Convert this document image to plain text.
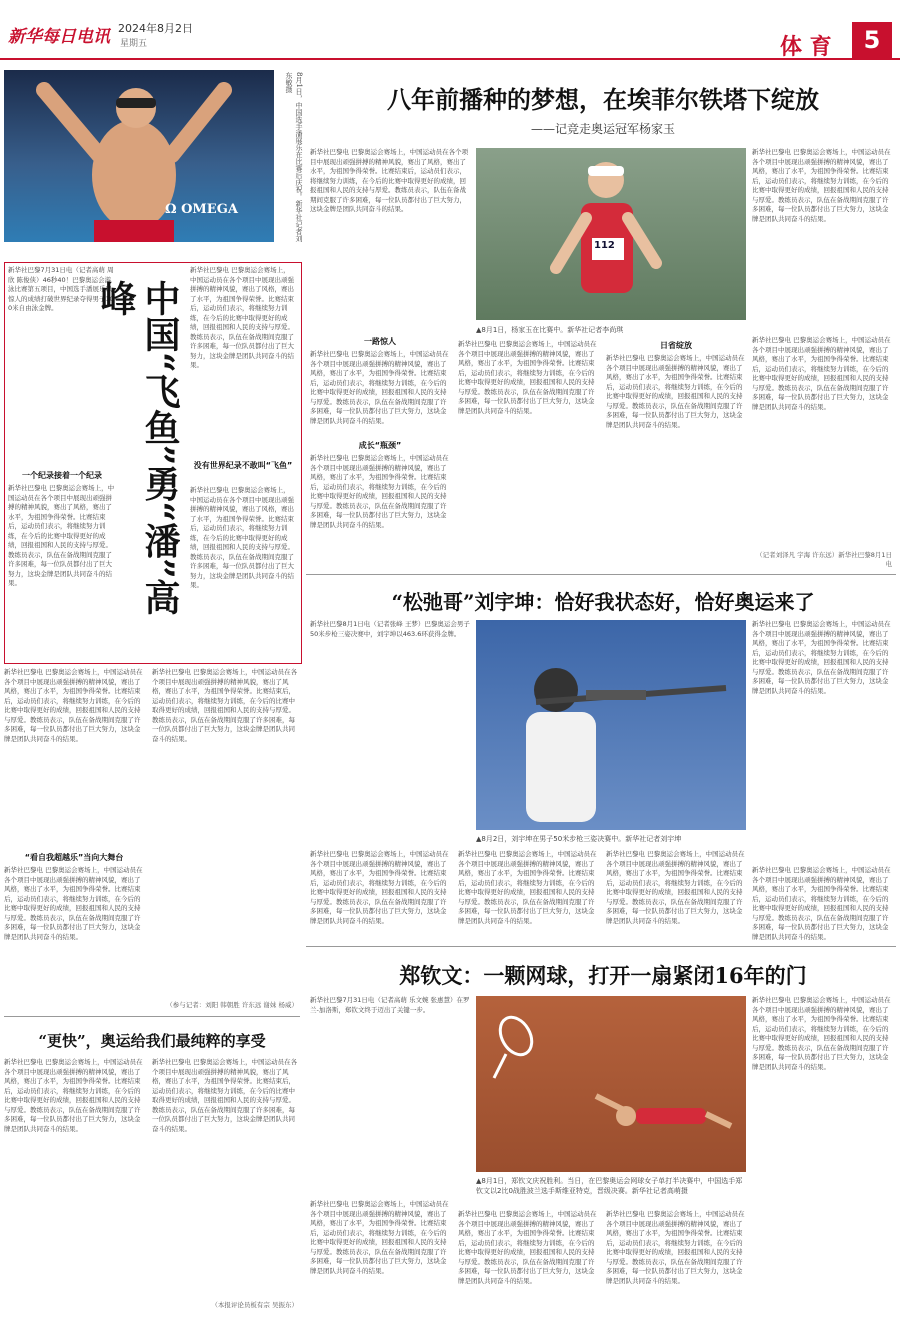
新华每日电讯 2024年8月2日
星期五	体 育	5
Ω OMEGA	8月1日，中国选手潘展乐在比赛后庆祝。新华社记者刘东敏摄
新华社巴黎7月31日电（记者高萌 周欣 陈俊侠）46秒40！巴黎奥运会游泳比赛第五项目，中国选手潘展乐以惊人的成绩打破世界纪录夺得男子100米自由泳金牌。	中国“飞鱼”勇“潘”高峰
新华社巴黎电 巴黎奥运会赛场上，中国运动员在各个项目中展现出顽强拼搏的精神风貌，赛出了风格，赛出了水平，为祖国争得荣誉。比赛结束后，运动员们表示，将继续努力训练，在今后的比赛中取得更好的成绩，回报祖国和人民的支持与厚爱。教练员表示，队伍在备战期间克服了许多困难，每一位队员都付出了巨大努力，这块金牌是团队共同奋斗的结果。
一个纪录接着一个纪录
新华社巴黎电 巴黎奥运会赛场上，中国运动员在各个项目中展现出顽强拼搏的精神风貌，赛出了风格，赛出了水平，为祖国争得荣誉。比赛结束后，运动员们表示，将继续努力训练，在今后的比赛中取得更好的成绩，回报祖国和人民的支持与厚爱。教练员表示，队伍在备战期间克服了许多困难，每一位队员都付出了巨大努力，这块金牌是团队共同奋斗的结果。
没有世界纪录不敢叫“飞鱼”
新华社巴黎电 巴黎奥运会赛场上，中国运动员在各个项目中展现出顽强拼搏的精神风貌，赛出了风格，赛出了水平，为祖国争得荣誉。比赛结束后，运动员们表示，将继续努力训练，在今后的比赛中取得更好的成绩，回报祖国和人民的支持与厚爱。教练员表示，队伍在备战期间克服了许多困难，每一位队员都付出了巨大努力，这块金牌是团队共同奋斗的结果。
新华社巴黎电 巴黎奥运会赛场上，中国运动员在各个项目中展现出顽强拼搏的精神风貌，赛出了风格，赛出了水平，为祖国争得荣誉。比赛结束后，运动员们表示，将继续努力训练，在今后的比赛中取得更好的成绩，回报祖国和人民的支持与厚爱。教练员表示，队伍在备战期间克服了许多困难，每一位队员都付出了巨大努力，这块金牌是团队共同奋斗的结果。
“看自我超越乐”当向大舞台
新华社巴黎电 巴黎奥运会赛场上，中国运动员在各个项目中展现出顽强拼搏的精神风貌，赛出了风格，赛出了水平，为祖国争得荣誉。比赛结束后，运动员们表示，将继续努力训练，在今后的比赛中取得更好的成绩，回报祖国和人民的支持与厚爱。教练员表示，队伍在备战期间克服了许多困难，每一位队员都付出了巨大努力，这块金牌是团队共同奋斗的结果。
新华社巴黎电 巴黎奥运会赛场上，中国运动员在各个项目中展现出顽强拼搏的精神风貌，赛出了风格，赛出了水平，为祖国争得荣誉。比赛结束后，运动员们表示，将继续努力训练，在今后的比赛中取得更好的成绩，回报祖国和人民的支持与厚爱。教练员表示，队伍在备战期间克服了许多困难，每一位队员都付出了巨大努力，这块金牌是团队共同奋斗的结果。
（参与记者：刘阳 韩朝胜 许东远 谢妹 杨威）
八年前播种的梦想，在埃菲尔铁塔下绽放
——记竞走奥运冠军杨家玉
新华社巴黎电 巴黎奥运会赛场上，中国运动员在各个项目中展现出顽强拼搏的精神风貌，赛出了风格，赛出了水平，为祖国争得荣誉。比赛结束后，运动员们表示，将继续努力训练，在今后的比赛中取得更好的成绩，回报祖国和人民的支持与厚爱。教练员表示，队伍在备战期间克服了许多困难，每一位队员都付出了巨大努力，这块金牌是团队共同奋斗的结果。
112
▲8月1日，杨家玉在比赛中。新华社记者李尚琪
新华社巴黎电 巴黎奥运会赛场上，中国运动员在各个项目中展现出顽强拼搏的精神风貌，赛出了风格，赛出了水平，为祖国争得荣誉。比赛结束后，运动员们表示，将继续努力训练，在今后的比赛中取得更好的成绩，回报祖国和人民的支持与厚爱。教练员表示，队伍在备战期间克服了许多困难，每一位队员都付出了巨大努力，这块金牌是团队共同奋斗的结果。
一路惊人
新华社巴黎电 巴黎奥运会赛场上，中国运动员在各个项目中展现出顽强拼搏的精神风貌，赛出了风格，赛出了水平，为祖国争得荣誉。比赛结束后，运动员们表示，将继续努力训练，在今后的比赛中取得更好的成绩，回报祖国和人民的支持与厚爱。教练员表示，队伍在备战期间克服了许多困难，每一位队员都付出了巨大努力，这块金牌是团队共同奋斗的结果。
成长“瓶颈”
新华社巴黎电 巴黎奥运会赛场上，中国运动员在各个项目中展现出顽强拼搏的精神风貌，赛出了风格，赛出了水平，为祖国争得荣誉。比赛结束后，运动员们表示，将继续努力训练，在今后的比赛中取得更好的成绩，回报祖国和人民的支持与厚爱。教练员表示，队伍在备战期间克服了许多困难，每一位队员都付出了巨大努力，这块金牌是团队共同奋斗的结果。
新华社巴黎电 巴黎奥运会赛场上，中国运动员在各个项目中展现出顽强拼搏的精神风貌，赛出了风格，赛出了水平，为祖国争得荣誉。比赛结束后，运动员们表示，将继续努力训练，在今后的比赛中取得更好的成绩，回报祖国和人民的支持与厚爱。教练员表示，队伍在备战期间克服了许多困难，每一位队员都付出了巨大努力，这块金牌是团队共同奋斗的结果。
日省绽放
新华社巴黎电 巴黎奥运会赛场上，中国运动员在各个项目中展现出顽强拼搏的精神风貌，赛出了风格，赛出了水平，为祖国争得荣誉。比赛结束后，运动员们表示，将继续努力训练，在今后的比赛中取得更好的成绩，回报祖国和人民的支持与厚爱。教练员表示，队伍在备战期间克服了许多困难，每一位队员都付出了巨大努力，这块金牌是团队共同奋斗的结果。
新华社巴黎电 巴黎奥运会赛场上，中国运动员在各个项目中展现出顽强拼搏的精神风貌，赛出了风格，赛出了水平，为祖国争得荣誉。比赛结束后，运动员们表示，将继续努力训练，在今后的比赛中取得更好的成绩，回报祖国和人民的支持与厚爱。教练员表示，队伍在备战期间克服了许多困难，每一位队员都付出了巨大努力，这块金牌是团队共同奋斗的结果。
（记者刘泽凡 宇海 许东远）新华社巴黎8月1日电
“松弛哥”刘宇坤：恰好我状态好，恰好奥运来了
新华社巴黎8月1日电（记者张峰 王梦）巴黎奥运会男子50米步枪三姿决赛中，刘宇坤以463.6环获得金牌。
▲8月2日，刘宇坤在男子50米步枪三姿决赛中。新华社记者刘宇坤
新华社巴黎电 巴黎奥运会赛场上，中国运动员在各个项目中展现出顽强拼搏的精神风貌，赛出了风格，赛出了水平，为祖国争得荣誉。比赛结束后，运动员们表示，将继续努力训练，在今后的比赛中取得更好的成绩，回报祖国和人民的支持与厚爱。教练员表示，队伍在备战期间克服了许多困难，每一位队员都付出了巨大努力，这块金牌是团队共同奋斗的结果。
新华社巴黎电 巴黎奥运会赛场上，中国运动员在各个项目中展现出顽强拼搏的精神风貌，赛出了风格，赛出了水平，为祖国争得荣誉。比赛结束后，运动员们表示，将继续努力训练，在今后的比赛中取得更好的成绩，回报祖国和人民的支持与厚爱。教练员表示，队伍在备战期间克服了许多困难，每一位队员都付出了巨大努力，这块金牌是团队共同奋斗的结果。
新华社巴黎电 巴黎奥运会赛场上，中国运动员在各个项目中展现出顽强拼搏的精神风貌，赛出了风格，赛出了水平，为祖国争得荣誉。比赛结束后，运动员们表示，将继续努力训练，在今后的比赛中取得更好的成绩，回报祖国和人民的支持与厚爱。教练员表示，队伍在备战期间克服了许多困难，每一位队员都付出了巨大努力，这块金牌是团队共同奋斗的结果。
新华社巴黎电 巴黎奥运会赛场上，中国运动员在各个项目中展现出顽强拼搏的精神风貌，赛出了风格，赛出了水平，为祖国争得荣誉。比赛结束后，运动员们表示，将继续努力训练，在今后的比赛中取得更好的成绩，回报祖国和人民的支持与厚爱。教练员表示，队伍在备战期间克服了许多困难，每一位队员都付出了巨大努力，这块金牌是团队共同奋斗的结果。
新华社巴黎电 巴黎奥运会赛场上，中国运动员在各个项目中展现出顽强拼搏的精神风貌，赛出了风格，赛出了水平，为祖国争得荣誉。比赛结束后，运动员们表示，将继续努力训练，在今后的比赛中取得更好的成绩，回报祖国和人民的支持与厚爱。教练员表示，队伍在备战期间克服了许多困难，每一位队员都付出了巨大努力，这块金牌是团队共同奋斗的结果。
郑钦文：一颗网球，打开一扇紧闭16年的门
新华社巴黎7月31日电（记者高萌 乐文婉 张惠慧）在罗兰-加洛斯，郑钦文终于迈出了关键一步。
▲8月1日，郑钦文庆祝胜利。当日，在巴黎奥运会网球女子单打半决赛中，中国选手郑钦文以2比0战胜波兰选手斯维亚特克，晋级决赛。新华社记者高萌摄
新华社巴黎电 巴黎奥运会赛场上，中国运动员在各个项目中展现出顽强拼搏的精神风貌，赛出了风格，赛出了水平，为祖国争得荣誉。比赛结束后，运动员们表示，将继续努力训练，在今后的比赛中取得更好的成绩，回报祖国和人民的支持与厚爱。教练员表示，队伍在备战期间克服了许多困难，每一位队员都付出了巨大努力，这块金牌是团队共同奋斗的结果。
新华社巴黎电 巴黎奥运会赛场上，中国运动员在各个项目中展现出顽强拼搏的精神风貌，赛出了风格，赛出了水平，为祖国争得荣誉。比赛结束后，运动员们表示，将继续努力训练，在今后的比赛中取得更好的成绩，回报祖国和人民的支持与厚爱。教练员表示，队伍在备战期间克服了许多困难，每一位队员都付出了巨大努力，这块金牌是团队共同奋斗的结果。
新华社巴黎电 巴黎奥运会赛场上，中国运动员在各个项目中展现出顽强拼搏的精神风貌，赛出了风格，赛出了水平，为祖国争得荣誉。比赛结束后，运动员们表示，将继续努力训练，在今后的比赛中取得更好的成绩，回报祖国和人民的支持与厚爱。教练员表示，队伍在备战期间克服了许多困难，每一位队员都付出了巨大努力，这块金牌是团队共同奋斗的结果。
新华社巴黎电 巴黎奥运会赛场上，中国运动员在各个项目中展现出顽强拼搏的精神风貌，赛出了风格，赛出了水平，为祖国争得荣誉。比赛结束后，运动员们表示，将继续努力训练，在今后的比赛中取得更好的成绩，回报祖国和人民的支持与厚爱。教练员表示，队伍在备战期间克服了许多困难，每一位队员都付出了巨大努力，这块金牌是团队共同奋斗的结果。
“更快”，奥运给我们最纯粹的享受
新华社巴黎电 巴黎奥运会赛场上，中国运动员在各个项目中展现出顽强拼搏的精神风貌，赛出了风格，赛出了水平，为祖国争得荣誉。比赛结束后，运动员们表示，将继续努力训练，在今后的比赛中取得更好的成绩，回报祖国和人民的支持与厚爱。教练员表示，队伍在备战期间克服了许多困难，每一位队员都付出了巨大努力，这块金牌是团队共同奋斗的结果。
新华社巴黎电 巴黎奥运会赛场上，中国运动员在各个项目中展现出顽强拼搏的精神风貌，赛出了风格，赛出了水平，为祖国争得荣誉。比赛结束后，运动员们表示，将继续努力训练，在今后的比赛中取得更好的成绩，回报祖国和人民的支持与厚爱。教练员表示，队伍在备战期间克服了许多困难，每一位队员都付出了巨大努力，这块金牌是团队共同奋斗的结果。
（本报评论员板有宗 吴振东）
